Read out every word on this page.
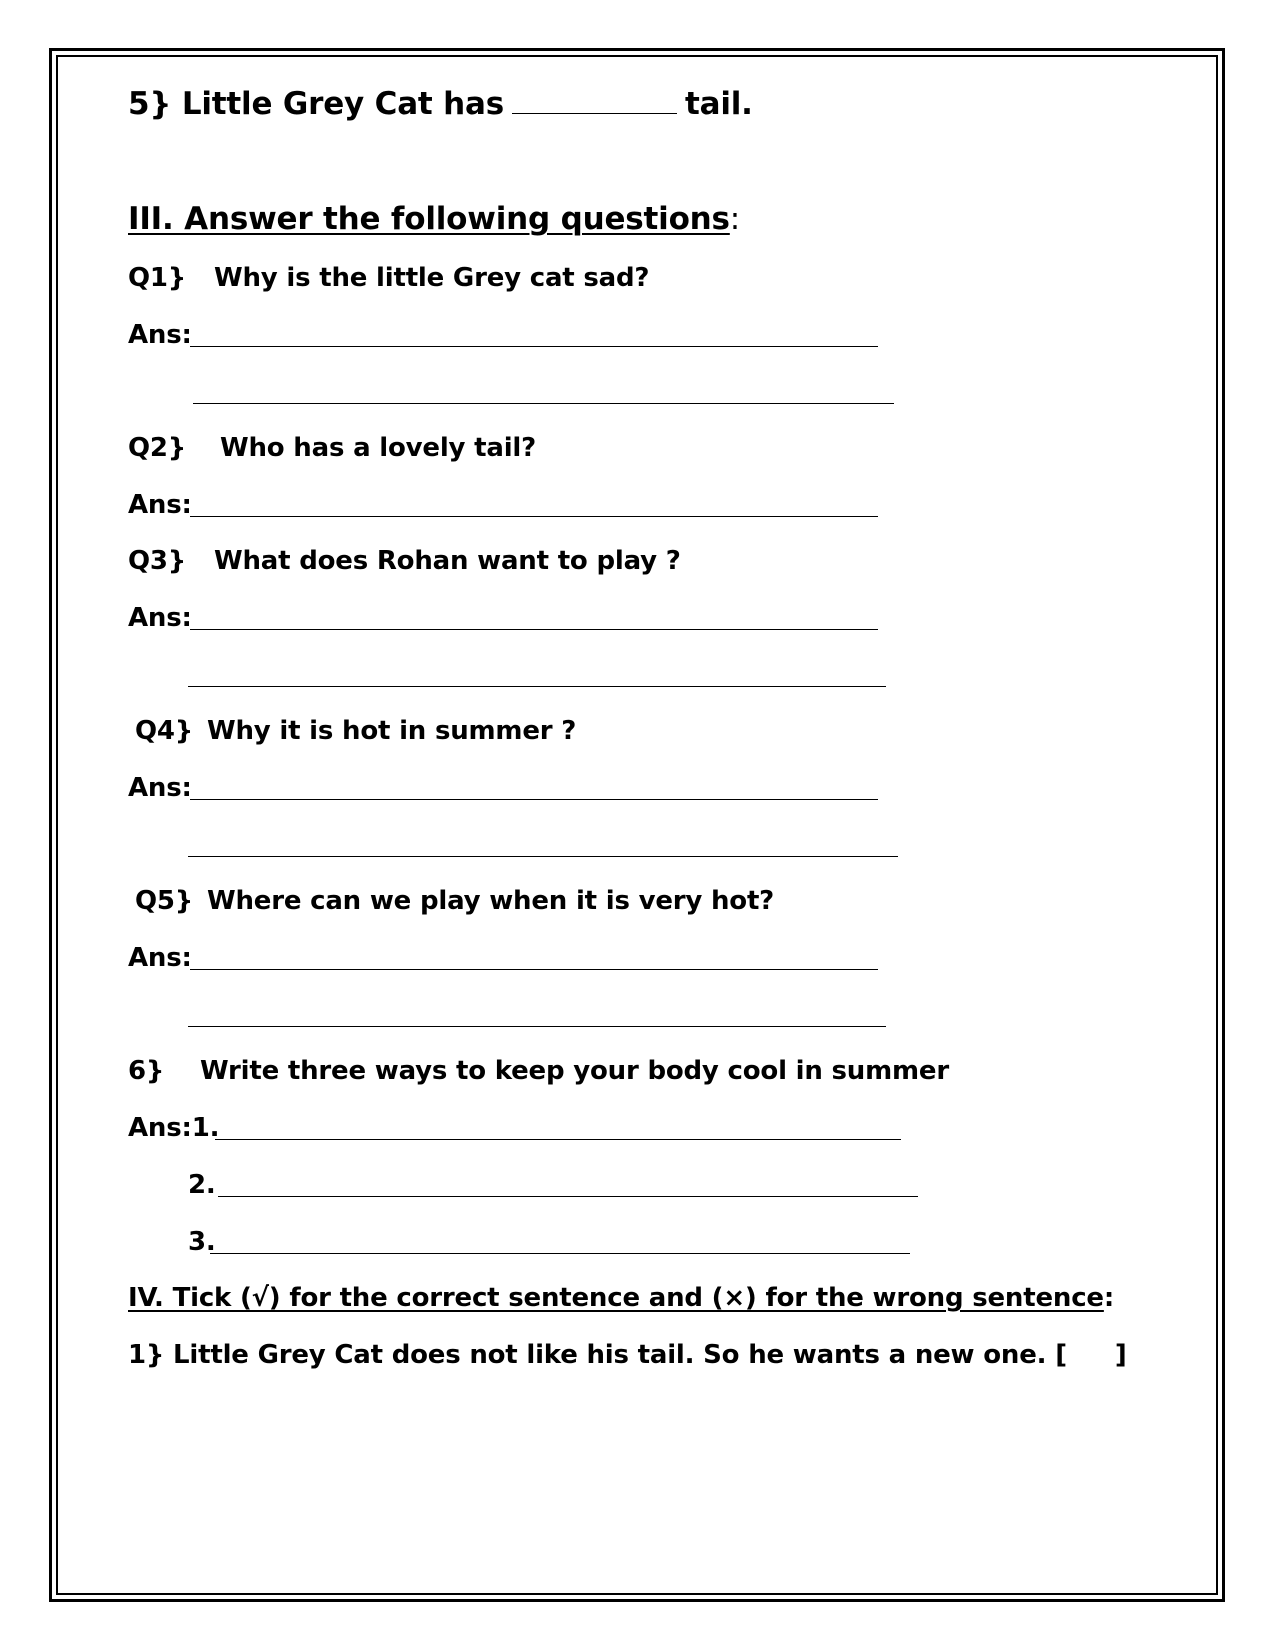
5} Little Grey Cat has	tail.
III. Answer the following questions:
Q1} Why is the little Grey cat sad?
Ans:
Q2} Who has a lovely tail?
Ans:
Q3} What does Rohan want to play ?
Ans:
Q4} Why it is hot in summer ?
Ans:
Q5} Where can we play when it is very hot?
Ans:
6} Write three ways to keep your body cool in summer
Ans:1.
2.
3.
IV. Tick (√) for the correct sentence and (×) for the wrong sentence:
1} Little Grey Cat does not like his tail. So he wants a new one. [ ]
